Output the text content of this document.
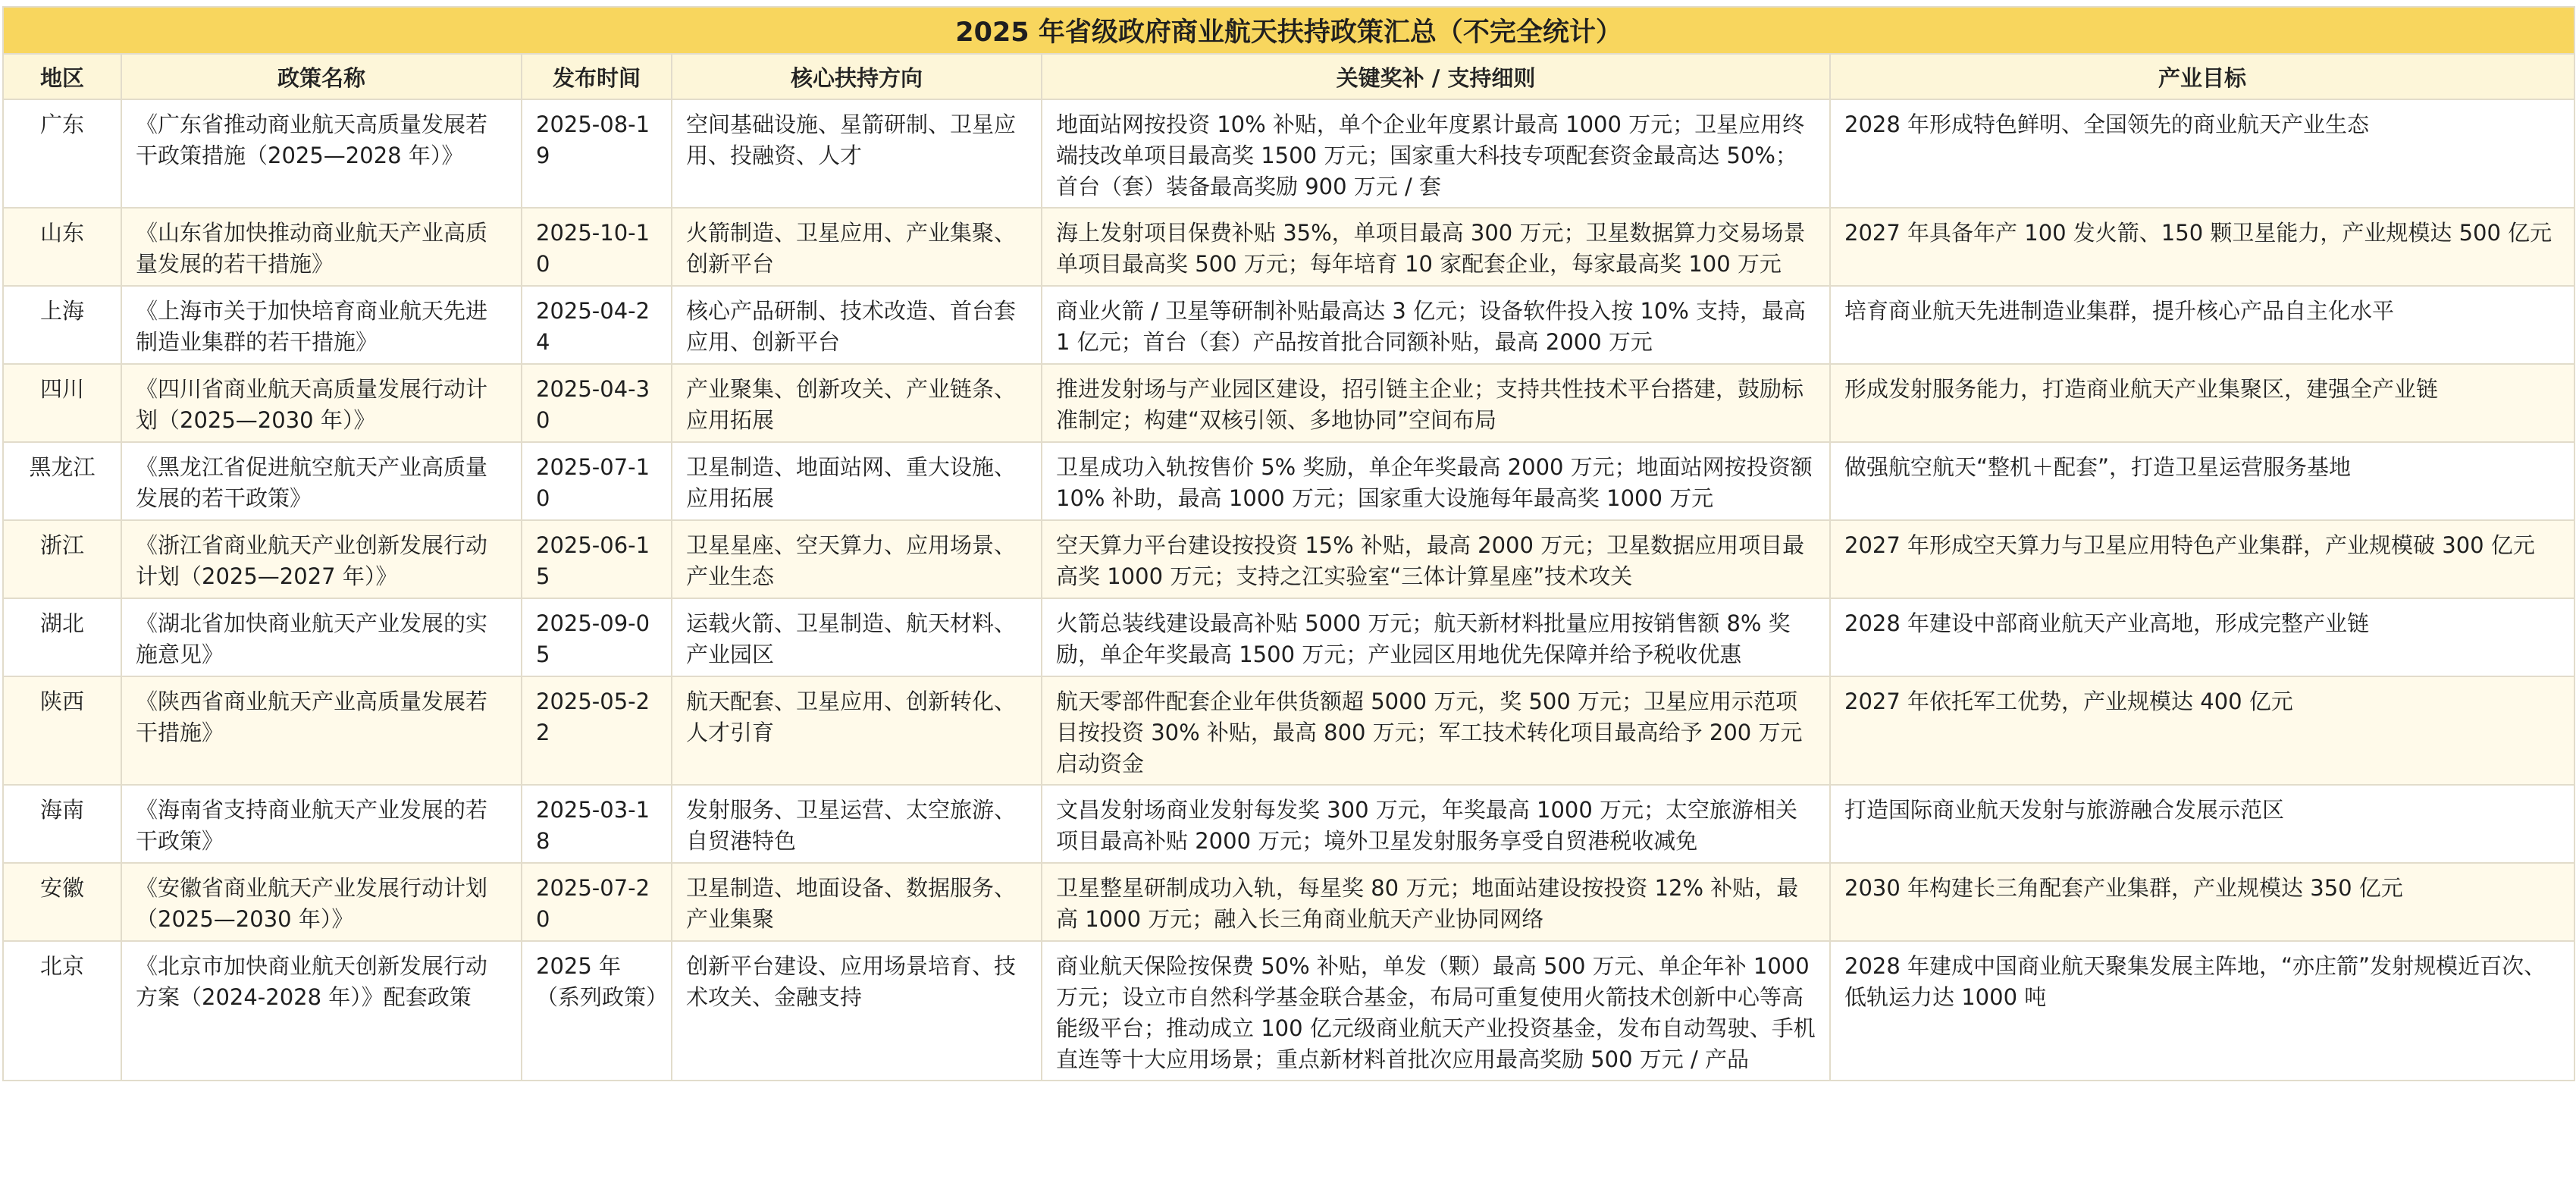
2025 年省级政府商业航天扶持政策汇总（不完全统计）					
地区	政策名称	发布时间	核心扶持方向	关键奖补 / 支持细则	产业目标
广东	《广东省推动商业航天高质量发展若干政策措施（2025—2028 年）》	2025-08-19	空间基础设施、星箭研制、卫星应用、投融资、人才	地面站网按投资 10% 补贴，单个企业年度累计最高 1000 万元；卫星应用终端技改单项目最高奖 1500 万元；国家重大科技专项配套资金最高达 50%；首台（套）装备最高奖励 900 万元 / 套	2028 年形成特色鲜明、全国领先的商业航天产业生态
山东	《山东省加快推动商业航天产业高质量发展的若干措施》	2025-10-10	火箭制造、卫星应用、产业集聚、创新平台	海上发射项目保费补贴 35%，单项目最高 300 万元；卫星数据算力交易场景单项目最高奖 500 万元；每年培育 10 家配套企业，每家最高奖 100 万元	2027 年具备年产 100 发火箭、150 颗卫星能力，产业规模达 500 亿元
上海	《上海市关于加快培育商业航天先进制造业集群的若干措施》	2025-04-24	核心产品研制、技术改造、首台套应用、创新平台	商业火箭 / 卫星等研制补贴最高达 3 亿元；设备软件投入按 10% 支持，最高 1 亿元；首台（套）产品按首批合同额补贴，最高 2000 万元	培育商业航天先进制造业集群，提升核心产品自主化水平
四川	《四川省商业航天高质量发展行动计划（2025—2030 年）》	2025-04-30	产业聚集、创新攻关、产业链条、应用拓展	推进发射场与产业园区建设，招引链主企业；支持共性技术平台搭建，鼓励标准制定；构建“双核引领、多地协同”空间布局	形成发射服务能力，打造商业航天产业集聚区，建强全产业链
黑龙江	《黑龙江省促进航空航天产业高质量发展的若干政策》	2025-07-10	卫星制造、地面站网、重大设施、应用拓展	卫星成功入轨按售价 5% 奖励，单企年奖最高 2000 万元；地面站网按投资额 10% 补助，最高 1000 万元；国家重大设施每年最高奖 1000 万元	做强航空航天“整机＋配套”，打造卫星运营服务基地
浙江	《浙江省商业航天产业创新发展行动计划（2025—2027 年）》	2025-06-15	卫星星座、空天算力、应用场景、产业生态	空天算力平台建设按投资 15% 补贴，最高 2000 万元；卫星数据应用项目最高奖 1000 万元；支持之江实验室“三体计算星座”技术攻关	2027 年形成空天算力与卫星应用特色产业集群，产业规模破 300 亿元
湖北	《湖北省加快商业航天产业发展的实施意见》	2025-09-05	运载火箭、卫星制造、航天材料、产业园区	火箭总装线建设最高补贴 5000 万元；航天新材料批量应用按销售额 8% 奖励，单企年奖最高 1500 万元；产业园区用地优先保障并给予税收优惠	2028 年建设中部商业航天产业高地，形成完整产业链
陕西	《陕西省商业航天产业高质量发展若干措施》	2025-05-22	航天配套、卫星应用、创新转化、人才引育	航天零部件配套企业年供货额超 5000 万元，奖 500 万元；卫星应用示范项目按投资 30% 补贴，最高 800 万元；军工技术转化项目最高给予 200 万元启动资金	2027 年依托军工优势，产业规模达 400 亿元
海南	《海南省支持商业航天产业发展的若干政策》	2025-03-18	发射服务、卫星运营、太空旅游、自贸港特色	文昌发射场商业发射每发奖 300 万元，年奖最高 1000 万元；太空旅游相关项目最高补贴 2000 万元；境外卫星发射服务享受自贸港税收减免	打造国际商业航天发射与旅游融合发展示范区
安徽	《安徽省商业航天产业发展行动计划（2025—2030 年）》	2025-07-20	卫星制造、地面设备、数据服务、产业集聚	卫星整星研制成功入轨，每星奖 80 万元；地面站建设按投资 12% 补贴，最高 1000 万元；融入长三角商业航天产业协同网络	2030 年构建长三角配套产业集群，产业规模达 350 亿元
北京	《北京市加快商业航天创新发展行动方案（2024-2028 年）》配套政策	2025 年（系列政策）	创新平台建设、应用场景培育、技术攻关、金融支持	商业航天保险按保费 50% 补贴，单发（颗）最高 500 万元、单企年补 1000 万元；设立市自然科学基金联合基金，布局可重复使用火箭技术创新中心等高能级平台；推动成立 100 亿元级商业航天产业投资基金，发布自动驾驶、手机直连等十大应用场景；重点新材料首批次应用最高奖励 500 万元 / 产品	2028 年建成中国商业航天聚集发展主阵地，“亦庄箭”发射规模近百次、低轨运力达 1000 吨
